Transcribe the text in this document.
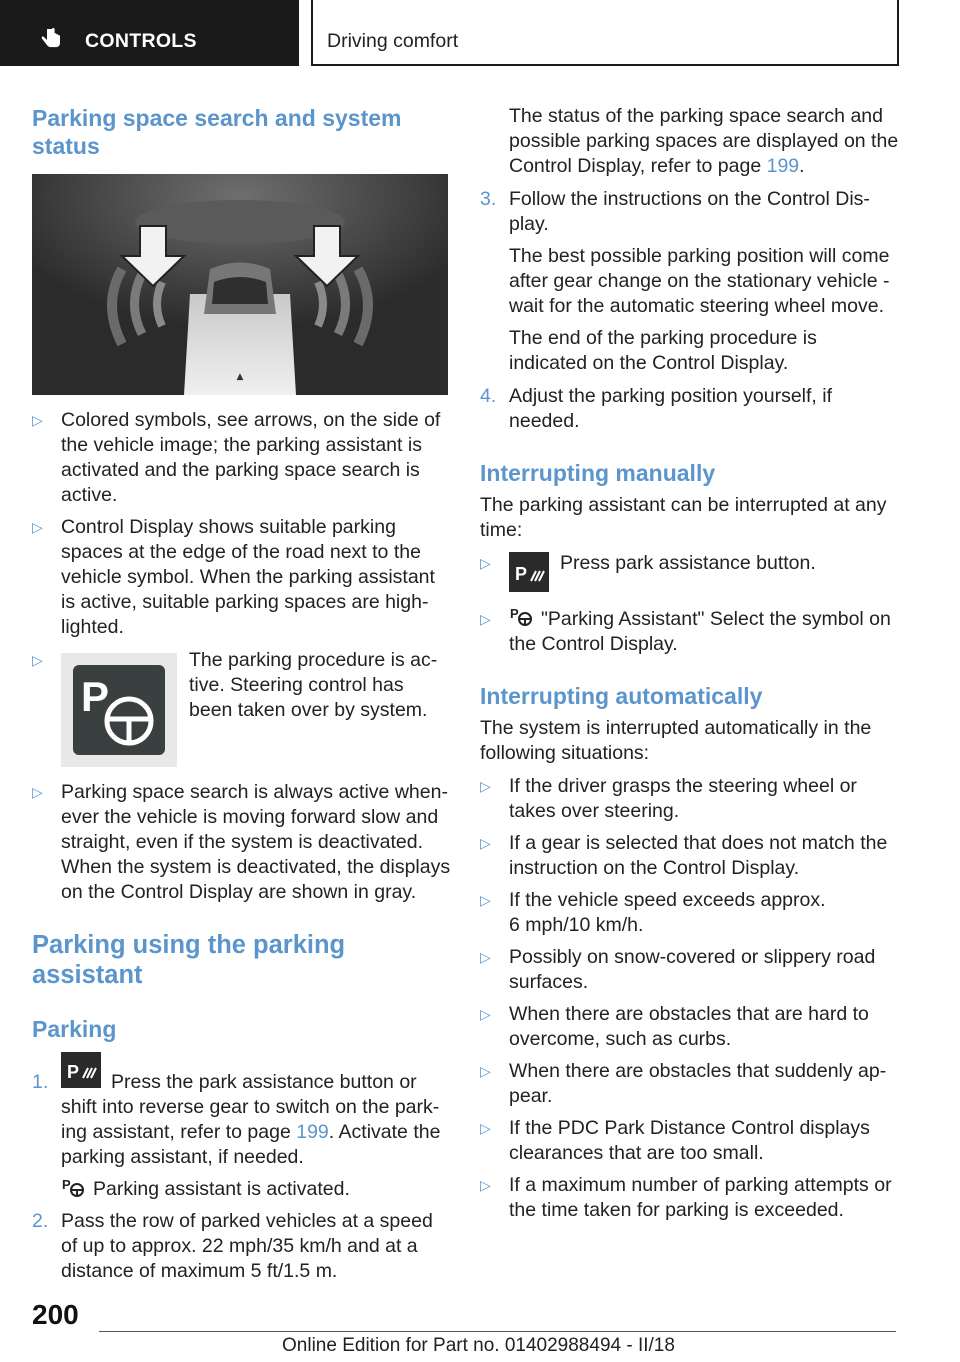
CONTROLS	Driving comfort
Parking space search and system status
▲
▷ Colored symbols, see arrows, on the side of the vehicle image; the parking assistant is activated and the parking space search is active.

▷ Control Display shows suitable parking spaces at the edge of the road next to the vehicle symbol. When the parking assistant is active, suitable parking spaces are highlighted.

▷
P

The parking procedure is active. Steering control has been taken over by system.

▷ Parking space search is always active whenever the vehicle is moving forward slow and straight, even if the system is deactivated. When the system is deactivated, the displays on the Control Display are shown in gray.

Parking using the parking assistant
Parking
1. P	Press the park assistance button or shift into reverse gear to switch on the parking assistant, refer to page 199. Activate the parking assistant, if needed.

P Parking assistant is activated.

2. Pass the row of parked vehicles at a speed of up to approx. 22 mph/35 km/h and at a distance of maximum 5 ft/1.5 m.

The status of the parking space search and possible parking spaces are displayed on the Control Display, refer to page 199.

3. Follow the instructions on the Control Display.

The best possible parking position will come after gear change on the stationary vehicle - wait for the automatic steering wheel move.

The end of the parking procedure is indicated on the Control Display.

4. Adjust the parking position yourself, if needed.

Interrupting manually

The parking assistant can be interrupted at any time:

▷
P Press park assistance button.

▷	P	"Parking Assistant" Select the symbol on the Control Display.

Interrupting automatically

The system is interrupted automatically in the following situations:

▷ If the driver grasps the steering wheel or takes over steering.

▷ If a gear is selected that does not match the instruction on the Control Display.

▷ If the vehicle speed exceeds approx. 6 mph/10 km/h.

▷ Possibly on snow-covered or slippery road surfaces.

▷ When there are obstacles that are hard to overcome, such as curbs.

▷ When there are obstacles that suddenly appear.

▷ If the PDC Park Distance Control displays clearances that are too small.

▷ If a maximum number of parking attempts or the time taken for parking is exceeded.

200
Online Edition for Part no. 01402988494 - II/18
